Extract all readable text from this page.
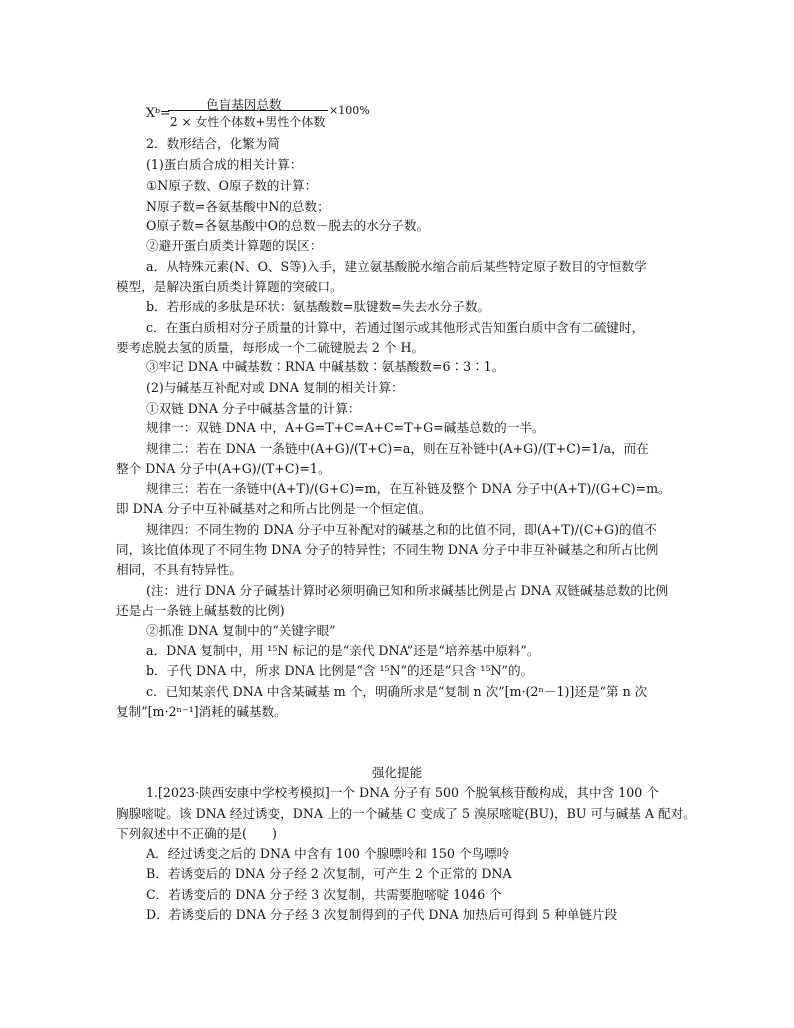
Xᵇ=
色盲基因总数
2 × 女性个体数+男性个体数
×100%
2．数形结合，化繁为简
(1)蛋白质合成的相关计算：
①N原子数、O原子数的计算：
N原子数=各氨基酸中N的总数；
O原子数=各氨基酸中O的总数－脱去的水分子数。
②避开蛋白质类计算题的误区：
a．从特殊元素(N、O、S等)入手，建立氨基酸脱水缩合前后某些特定原子数目的守恒数学
模型，是解决蛋白质类计算题的突破口。
b．若形成的多肽是环状：氨基酸数=肽键数=失去水分子数。
c．在蛋白质相对分子质量的计算中，若通过图示或其他形式告知蛋白质中含有二硫键时，
要考虑脱去氢的质量，每形成一个二硫键脱去 2 个 H。
③牢记 DNA 中碱基数∶RNA 中碱基数∶氨基酸数=6∶3∶1。
(2)与碱基互补配对或 DNA 复制的相关计算：
①双链 DNA 分子中碱基含量的计算：
规律一：双链 DNA 中，A+G=T+C=A+C=T+G=碱基总数的一半。
规律二：若在 DNA 一条链中(A+G)/(T+C)=a，则在互补链中(A+G)/(T+C)=1/a，而在
整个 DNA 分子中(A+G)/(T+C)=1。
规律三：若在一条链中(A+T)/(G+C)=m，在互补链及整个 DNA 分子中(A+T)/(G+C)=m。
即 DNA 分子中互补碱基对之和所占比例是一个恒定值。
规律四：不同生物的 DNA 分子中互补配对的碱基之和的比值不同，即(A+T)/(C+G)的值不
同，该比值体现了不同生物 DNA 分子的特异性；不同生物 DNA 分子中非互补碱基之和所占比例
相同，不具有特异性。
(注：进行 DNA 分子碱基计算时必须明确已知和所求碱基比例是占 DNA 双链碱基总数的比例
还是占一条链上碱基数的比例)
②抓准 DNA 复制中的“关键字眼”
a．DNA 复制中，用 ¹⁵N 标记的是“亲代 DNA”还是“培养基中原料”。
b．子代 DNA 中，所求 DNA 比例是“含 ¹⁵N”的还是“只含 ¹⁵N”的。
c．已知某亲代 DNA 中含某碱基 m 个，明确所求是“复制 n 次”[m·(2ⁿ－1)]还是“第 n 次
复制”[m·2ⁿ⁻¹]消耗的碱基数。
强化提能
1.[2023·陕西安康中学校考模拟]一个 DNA 分子有 500 个脱氧核苷酸构成，其中含 100 个
胸腺嘧啶。该 DNA 经过诱变，DNA 上的一个碱基 C 变成了 5 溴尿嘧啶(BU)，BU 可与碱基 A 配对。
下列叙述中不正确的是(　　)
A．经过诱变之后的 DNA 中含有 100 个腺嘌呤和 150 个鸟嘌呤
B．若诱变后的 DNA 分子经 2 次复制，可产生 2 个正常的 DNA
C．若诱变后的 DNA 分子经 3 次复制，共需要胞嘧啶 1046 个
D．若诱变后的 DNA 分子经 3 次复制得到的子代 DNA 加热后可得到 5 种单链片段
